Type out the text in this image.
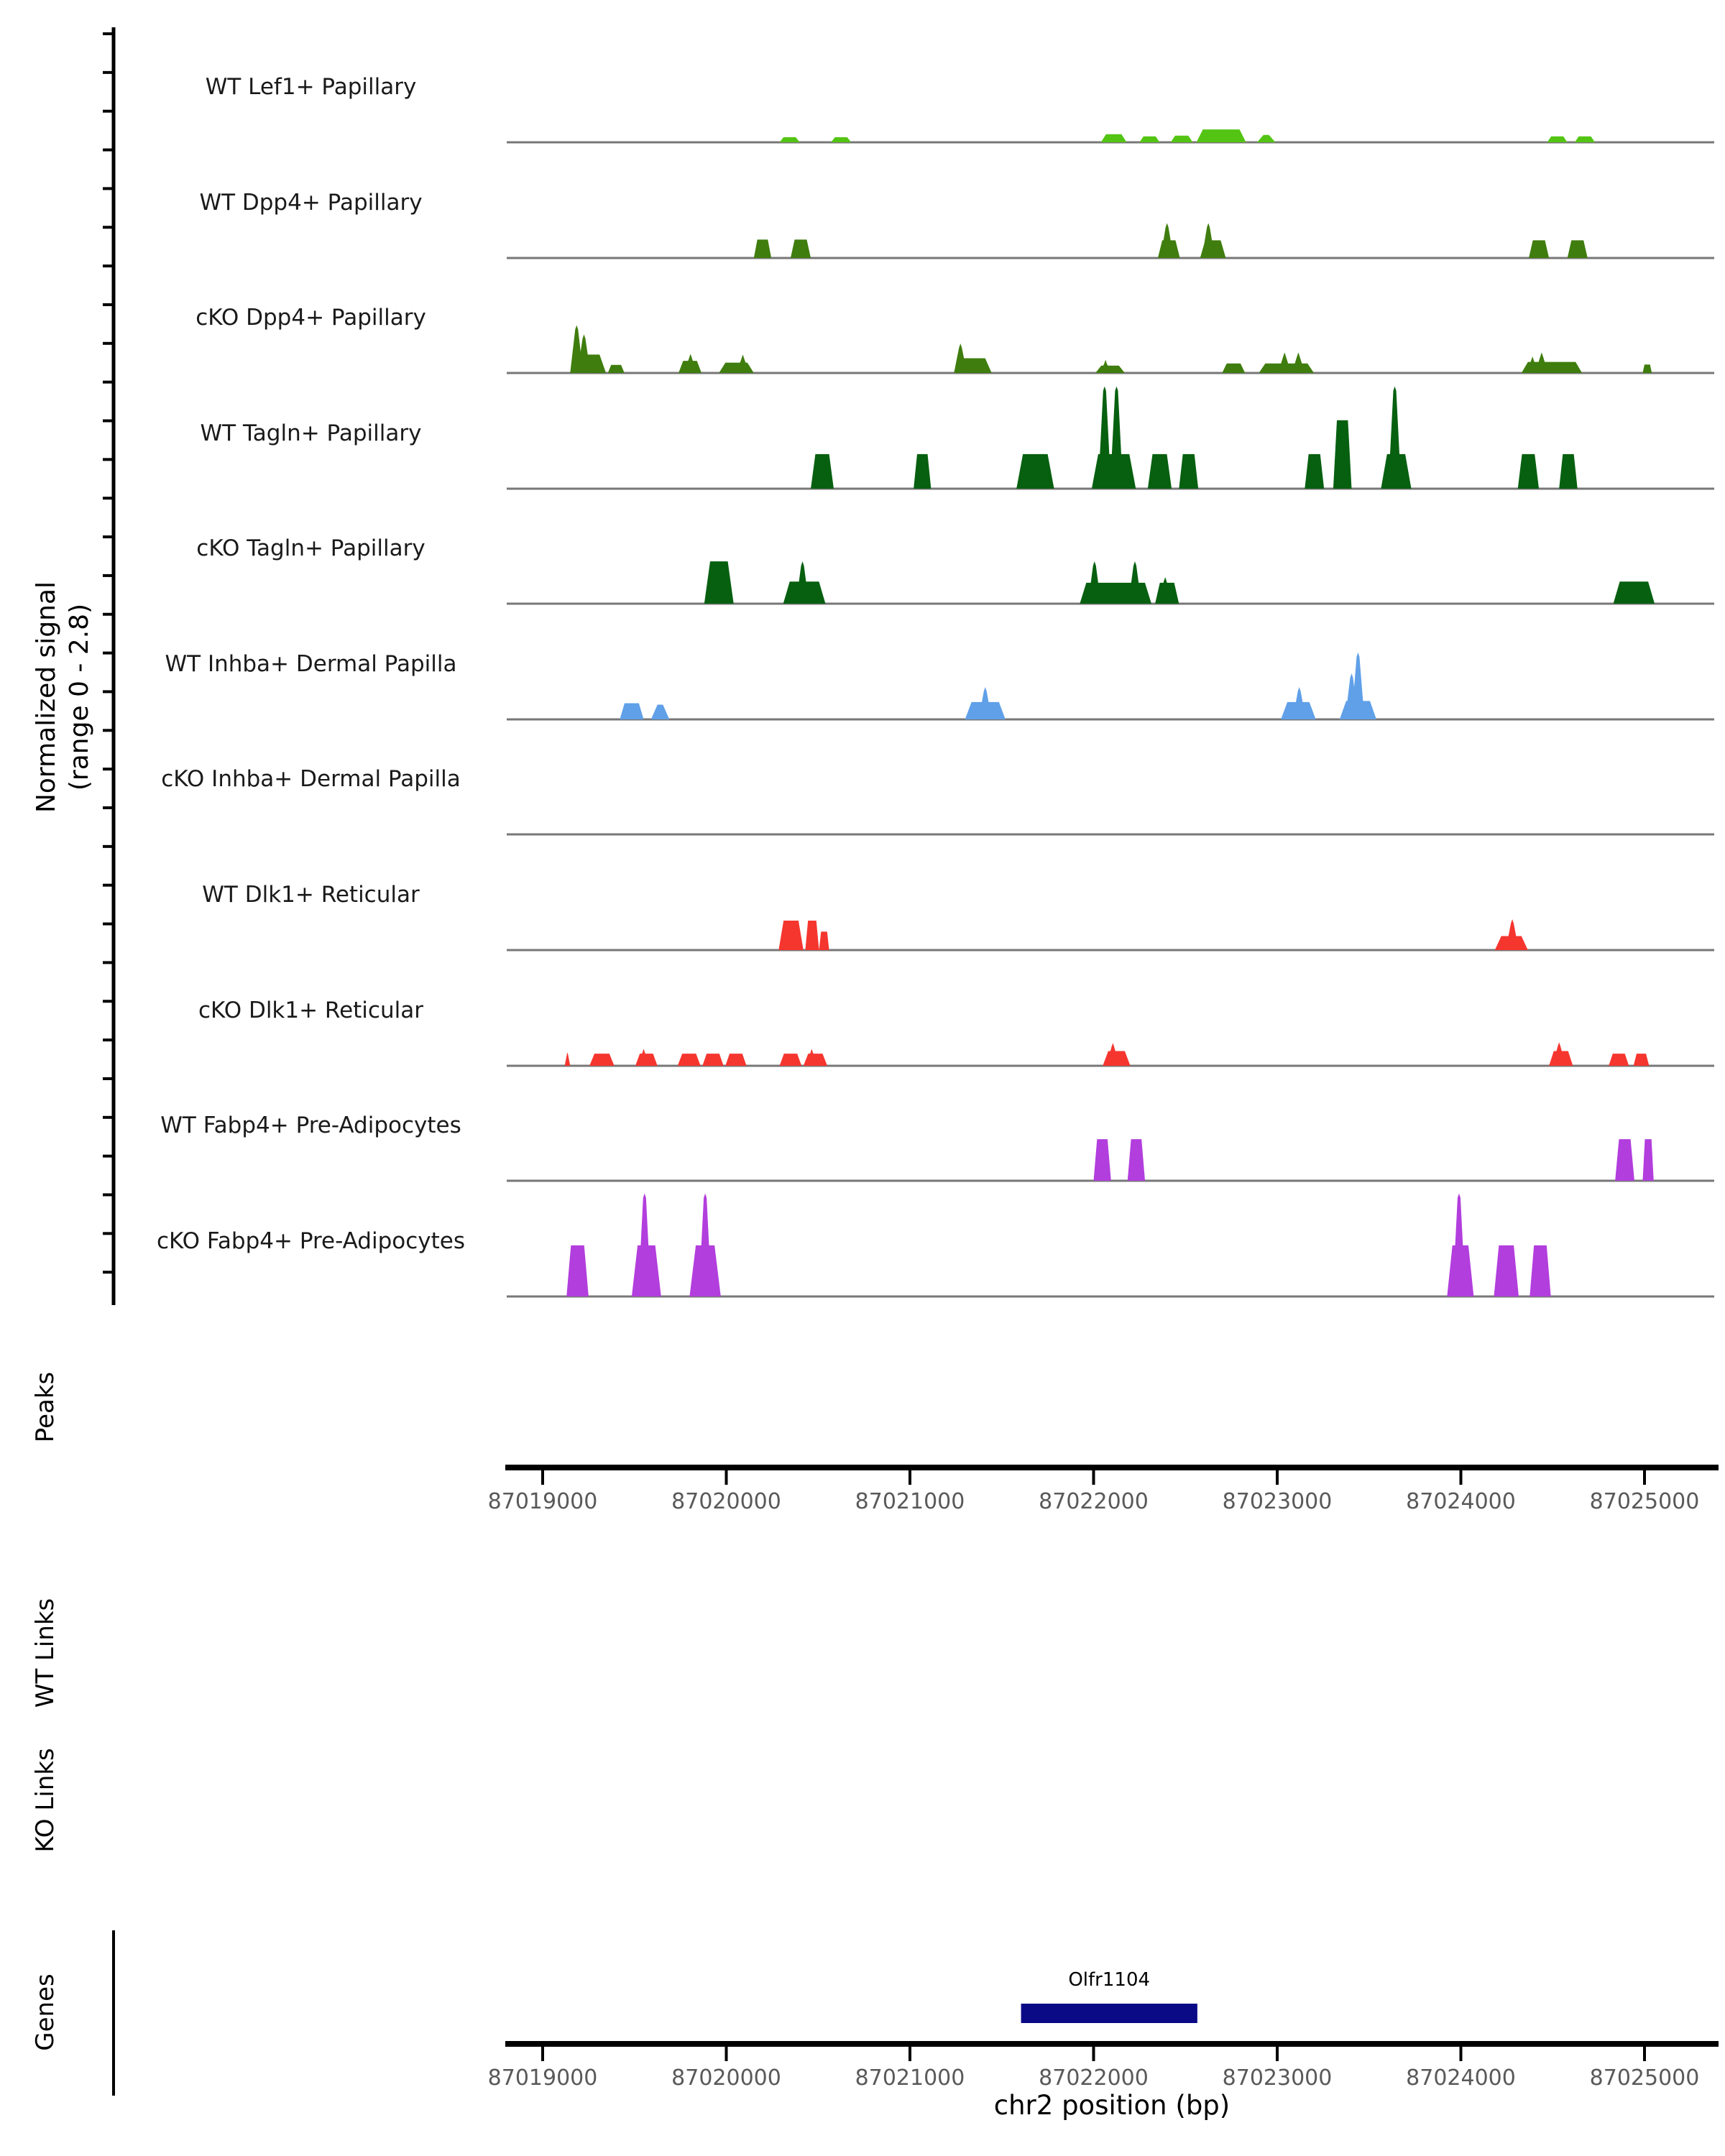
Normalized signal (range 0 - 2.8)
Peaks
WT Links
KO Links
Genes
WT Lef1+ Papillary
WT Dpp4+ Papillary
cKO Dpp4+ Papillary
WT Tagln+ Papillary
cKO Tagln+ Papillary
WT Inhba+ Dermal Papilla
cKO Inhba+ Dermal Papilla
WT Dlk1+ Reticular
cKO Dlk1+ Reticular
WT Fabp4+ Pre-Adipocytes
cKO Fabp4+ Pre-Adipocytes
87019000	87020000	87021000	87022000	87023000	87024000	87025000
87019000	87020000	87021000	87022000	87023000	87024000	87025000
Olfr1104
chr2 position (bp)
